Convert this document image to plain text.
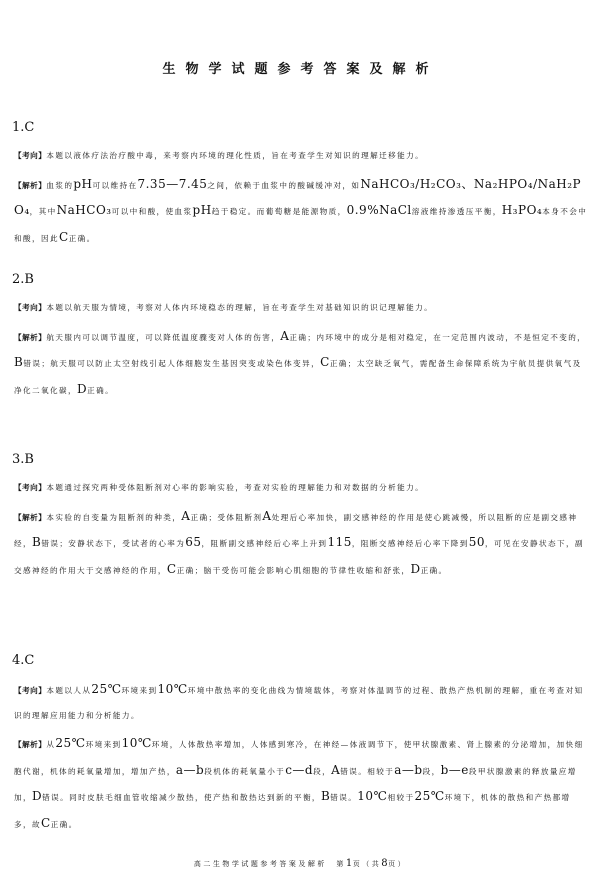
生物学试题参考答案及解析
1.C
【考向】本题以液体疗法治疗酸中毒，来考察内环境的理化性质，旨在考查学生对知识的理解迁移能力。
【解析】血浆的pH可以维持在7.35—7.45之间，依赖于血浆中的酸碱缓冲对，如NaHCO₃/H₂CO₃、Na₂HPO₄/NaH₂PO₄，其中NaHCO₃可以中和酸，使血浆pH趋于稳定。而葡萄糖是能源物质，0.9%NaCl溶液维持渗透压平衡，H₃PO₄本身不会中和酸，因此C正确。
2.B
【考向】本题以航天服为情境，考察对人体内环境稳态的理解，旨在考查学生对基础知识的识记理解能力。
【解析】航天服内可以调节温度，可以降低温度骤变对人体的伤害，A正确；内环境中的成分是相对稳定，在一定范围内波动，不是恒定不变的，B错误；航天服可以防止太空射线引起人体细胞发生基因突变或染色体变异，C正确；太空缺乏氧气，需配备生命保障系统为宇航员提供氧气及净化二氧化碳，D正确。
3.B
【考向】本题通过探究两种受体阻断剂对心率的影响实验，考查对实验的理解能力和对数据的分析能力。
【解析】本实验的自变量为阻断剂的种类，A正确；受体阻断剂A处理后心率加快，副交感神经的作用是使心跳减慢，所以阻断的应是副交感神经，B错误；安静状态下，受试者的心率为65，阻断副交感神经后心率上升到115，阻断交感神经后心率下降到50，可见在安静状态下，副交感神经的作用大于交感神经的作用，C正确；脑干受伤可能会影响心肌细胞的节律性收缩和舒张，D正确。
4.C
【考向】本题以人从25℃环境来到10℃环境中散热率的变化曲线为情境载体，考察对体温调节的过程、散热产热机制的理解，重在考查对知识的理解应用能力和分析能力。
【解析】从25℃环境来到10℃环境，人体散热率增加，人体感到寒冷，在神经—体液调节下，使甲状腺激素、肾上腺素的分泌增加，加快细胞代谢，机体的耗氧量增加，增加产热，a—b段机体的耗氧量小于c—d段，A错误。相较于a—b段，b—e段甲状腺激素的释放量应增加，D错误。同时皮肤毛细血管收缩减少散热，使产热和散热达到新的平衡，B错误。10℃相较于25℃环境下，机体的散热和产热都增多，故C正确。
高二生物学试题参考答案及解析　第1页（共8页）
